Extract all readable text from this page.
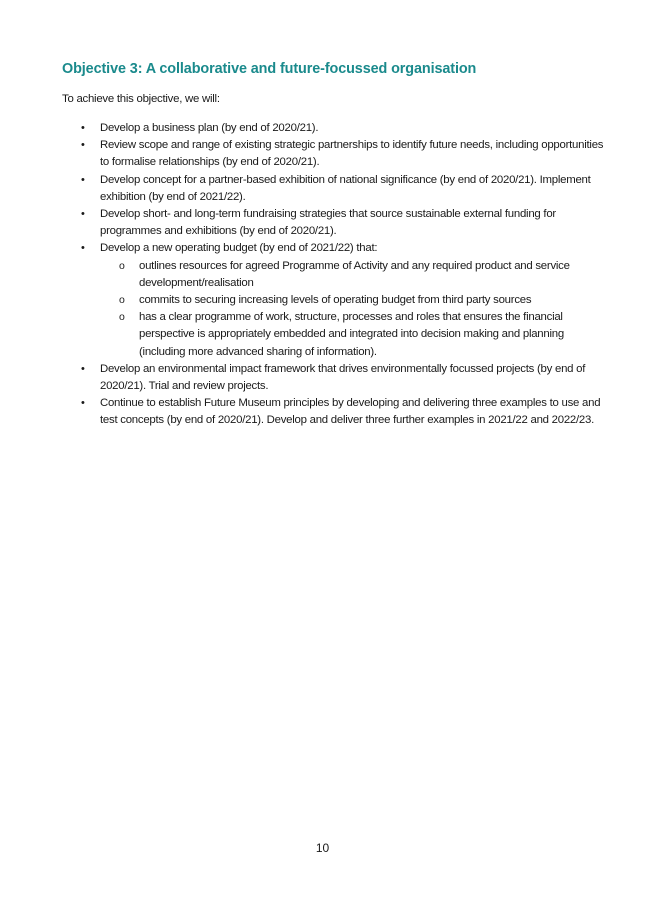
Objective 3: A collaborative and future-focussed organisation

To achieve this objective, we will:

• Develop a business plan (by end of 2020/21).
• Review scope and range of existing strategic partnerships to identify future needs, including opportunities
to formalise relationships (by end of 2020/21).
• Develop concept for a partner-based exhibition of national significance (by end of 2020/21). Implement
exhibition (by end of 2021/22).
• Develop short- and long-term fundraising strategies that source sustainable external funding for
programmes and exhibitions (by end of 2020/21).
• Develop a new operating budget (by end of 2021/22) that:
o outlines resources for agreed Programme of Activity and any required product and service
development/realisation
o commits to securing increasing levels of operating budget from third party sources
o has a clear programme of work, structure, processes and roles that ensures the financial
perspective is appropriately embedded and integrated into decision making and planning
(including more advanced sharing of information).
• Develop an environmental impact framework that drives environmentally focussed projects (by end of
2020/21). Trial and review projects.
• Continue to establish Future Museum principles by developing and delivering three examples to use and
test concepts (by end of 2020/21). Develop and deliver three further examples in 2021/22 and 2022/23.

10
